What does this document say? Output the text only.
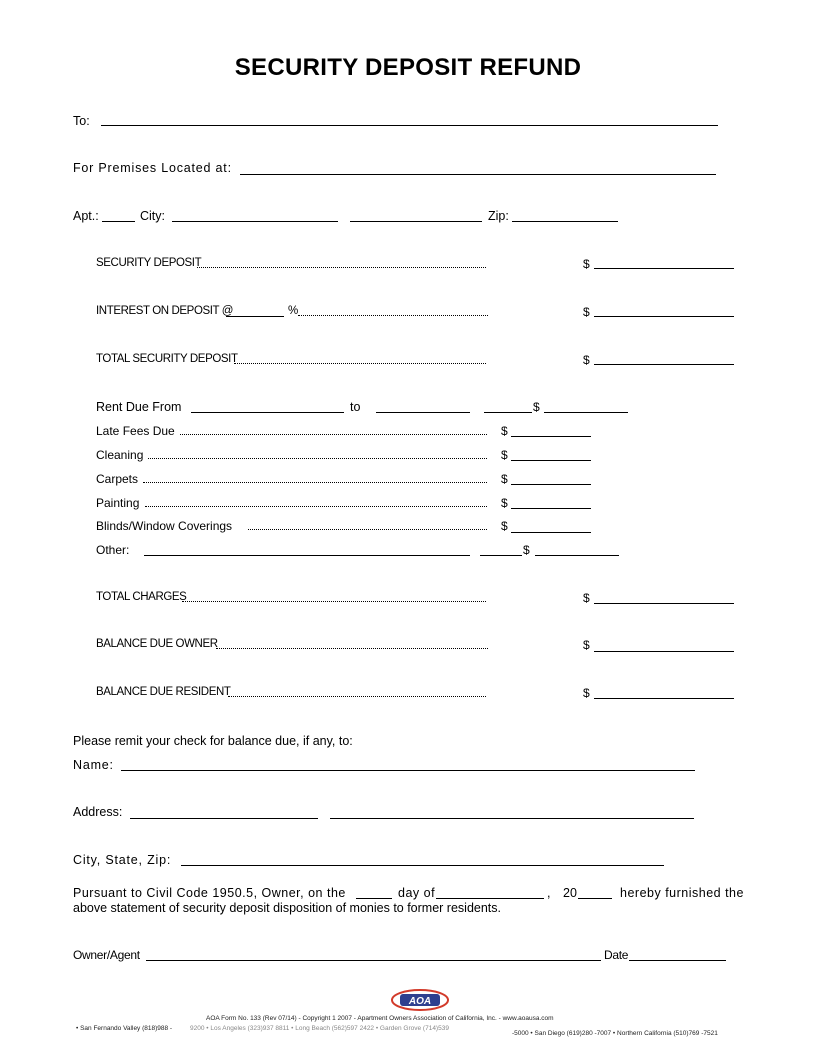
SECURITY DEPOSIT REFUND
To:
For Premises Located at:
Apt.:	City:	Zip:
SECURITY DEPOSIT	$
INTEREST ON DEPOSIT @	%	$
TOTAL SECURITY DEPOSIT	$
Rent Due From	to	$
Late Fees Due	$
Cleaning	$
Carpets	$
Painting	$
Blinds/Window Coverings	$
Other:	$
TOTAL CHARGES	$
BALANCE DUE OWNER	$
BALANCE DUE RESIDENT	$
Please remit your check for balance due, if any, to:
Name:
Address:
City, State, Zip:
Pursuant to Civil Code 1950.5, Owner, on the	day of	, 20	hereby furnished the
above statement of security deposit disposition of monies to former residents.
Owner/Agent	Date
AOA
AOA Form No. 133 (Rev 07/14) - Copyright 1 2007 - Apartment Owners Association of California, Inc. - www.aoausa.com
• San Fernando Valley (818)988 -	9200 • Los Angeles (323)937 8811 • Long Beach (562)597 2422 • Garden Grove (714)539
-5000 • San Diego (619)280 -7007 • Northern California (510)769 -7521
